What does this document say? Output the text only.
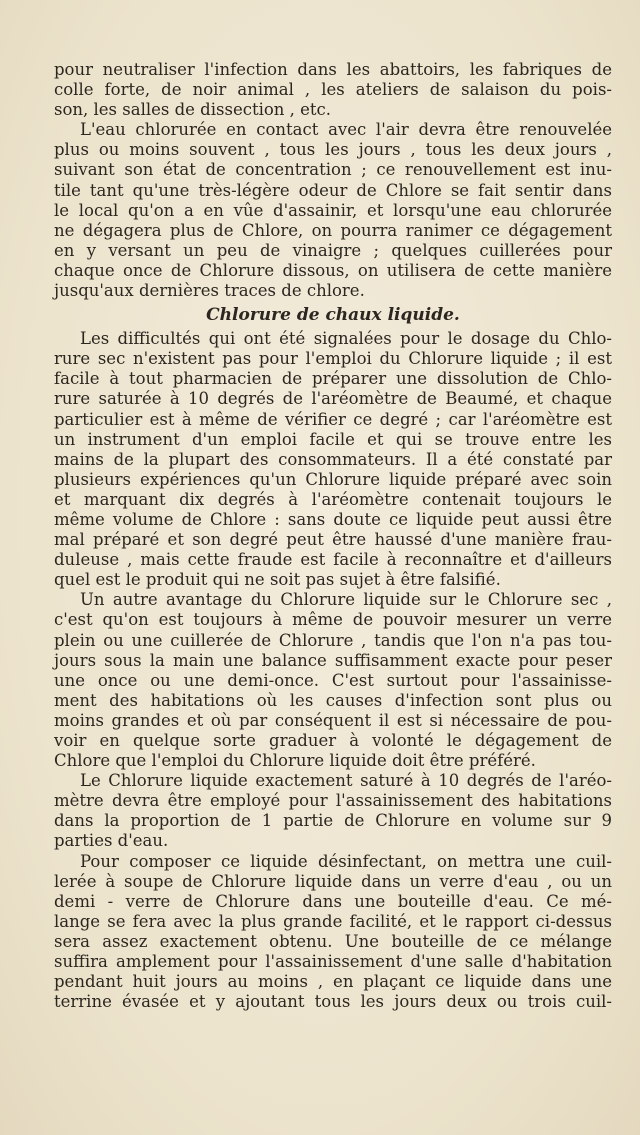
pour neutraliser l'infection dans les abattoirs, les fabriques de
colle forte, de noir animal , les ateliers de salaison du pois-
son, les salles de dissection , etc.
L'eau chlorurée en contact avec l'air devra être renouvelée
plus ou moins souvent , tous les jours , tous les deux jours ,
suivant son état de concentration ; ce renouvellement est inu-
tile tant qu'une très-légère odeur de Chlore se fait sentir dans
le local qu'on a en vûe d'assainir, et lorsqu'une eau chlorurée
ne dégagera plus de Chlore, on pourra ranimer ce dégagement
en y versant un peu de vinaigre ; quelques cuillerées pour
chaque once de Chlorure dissous, on utilisera de cette manière
jusqu'aux dernières traces de chlore.
Chlorure de chaux liquide.
Les difficultés qui ont été signalées pour le dosage du Chlo-
rure sec n'existent pas pour l'emploi du Chlorure liquide ; il est
facile à tout pharmacien de préparer une dissolution de Chlo-
rure saturée à 10 degrés de l'aréomètre de Beaumé, et chaque
particulier est à même de vérifier ce degré ; car l'aréomètre est
un instrument d'un emploi facile et qui se trouve entre les
mains de la plupart des consommateurs. Il a été constaté par
plusieurs expériences qu'un Chlorure liquide préparé avec soin
et marquant dix degrés à l'aréomètre contenait toujours le
même volume de Chlore : sans doute ce liquide peut aussi être
mal préparé et son degré peut être haussé d'une manière frau-
duleuse , mais cette fraude est facile à reconnaître et d'ailleurs
quel est le produit qui ne soit pas sujet à être falsifié.
Un autre avantage du Chlorure liquide sur le Chlorure sec ,
c'est qu'on est toujours à même de pouvoir mesurer un verre
plein ou une cuillerée de Chlorure , tandis que l'on n'a pas tou-
jours sous la main une balance suffisamment exacte pour peser
une once ou une demi-once. C'est surtout pour l'assainisse-
ment des habitations où les causes d'infection sont plus ou
moins grandes et où par conséquent il est si nécessaire de pou-
voir en quelque sorte graduer à volonté le dégagement de
Chlore que l'emploi du Chlorure liquide doit être préféré.
Le Chlorure liquide exactement saturé à 10 degrés de l'aréo-
mètre devra être employé pour l'assainissement des habitations
dans la proportion de 1 partie de Chlorure en volume sur 9
parties d'eau.
Pour composer ce liquide désinfectant, on mettra une cuil-
lerée à soupe de Chlorure liquide dans un verre d'eau , ou un
demi - verre de Chlorure dans une bouteille d'eau. Ce mé-
lange se fera avec la plus grande facilité, et le rapport ci-dessus
sera assez exactement obtenu. Une bouteille de ce mélange
suffira amplement pour l'assainissement d'une salle d'habitation
pendant huit jours au moins , en plaçant ce liquide dans une
terrine évasée et y ajoutant tous les jours deux ou trois cuil-
